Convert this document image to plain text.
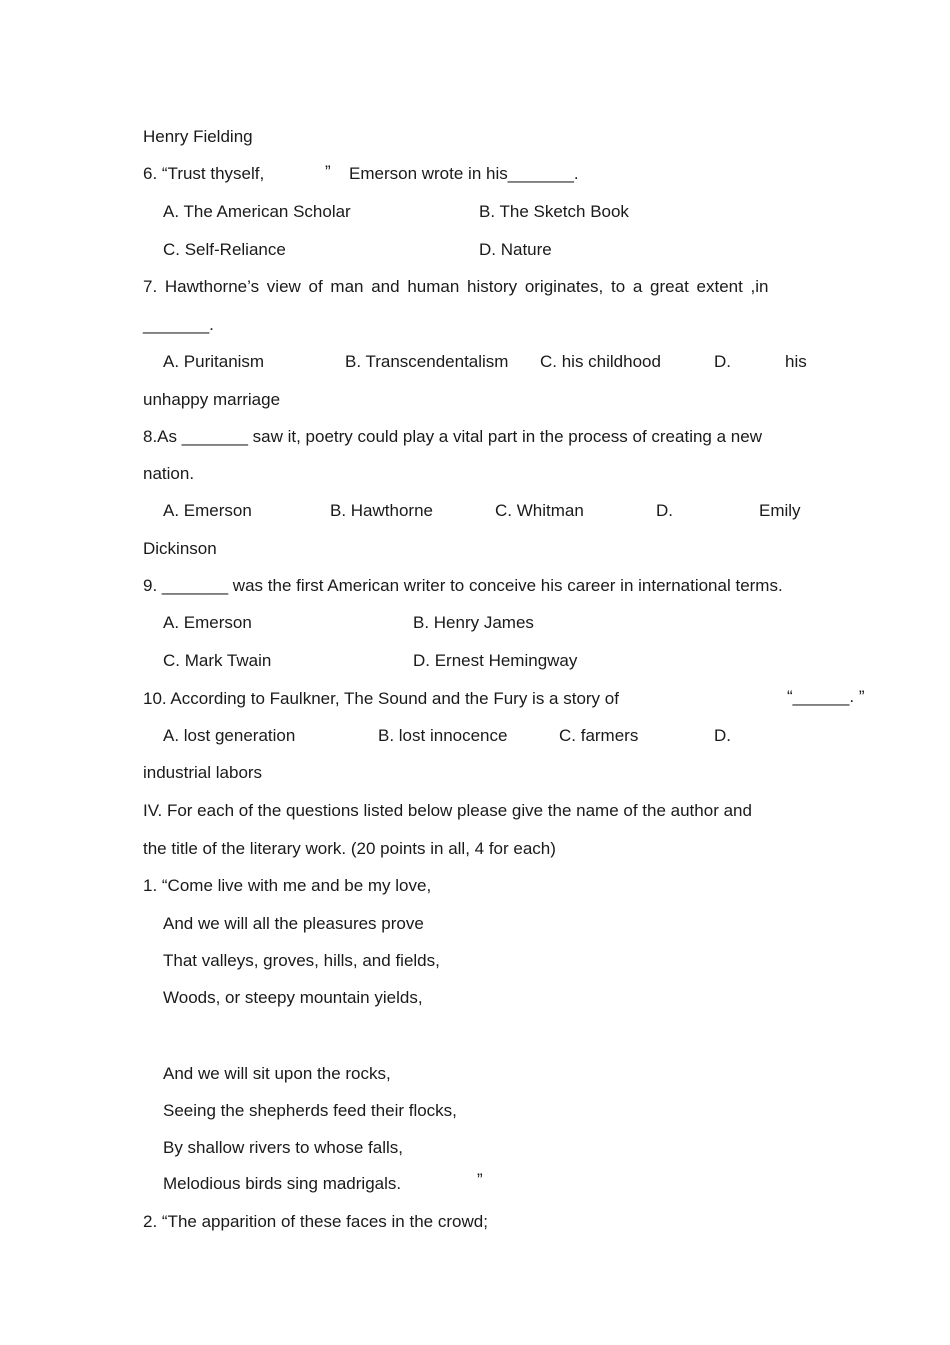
Henry Fielding
6. “Trust thyself,	” Emerson wrote in his_______.
A. The American Scholar	B. The Sketch Book
C. Self-Reliance	D. Nature
7. Hawthorne’s view of man and human history originates, to a great extent ,in
_______.
A. Puritanism	B. Transcendentalism C. his childhood	D.	his
unhappy marriage
8.As _______ saw it, poetry could play a vital part in the process of creating a new
nation.
A. Emerson	B. Hawthorne	C. Whitman	D.	Emily
Dickinson
9. _______ was the first American writer to conceive his career in international terms.
A. Emerson	B. Henry James
C. Mark Twain	D. Ernest Hemingway
10. According to Faulkner, The Sound and the Fury is a story of	“______. ”
A. lost generation	B. lost innocence	C. farmers	D.
industrial labors
IV. For each of the questions listed below please give the name of the author and
the title of the literary work. (20 points in all, 4 for each)
1. “Come live with me and be my love,
And we will all the pleasures prove
That valleys, groves, hills, and fields,
Woods, or steepy mountain yields,
And we will sit upon the rocks,
Seeing the shepherds feed their flocks,
By shallow rivers to whose falls,
Melodious birds sing madrigals.	”
2. “The apparition of these faces in the crowd;
